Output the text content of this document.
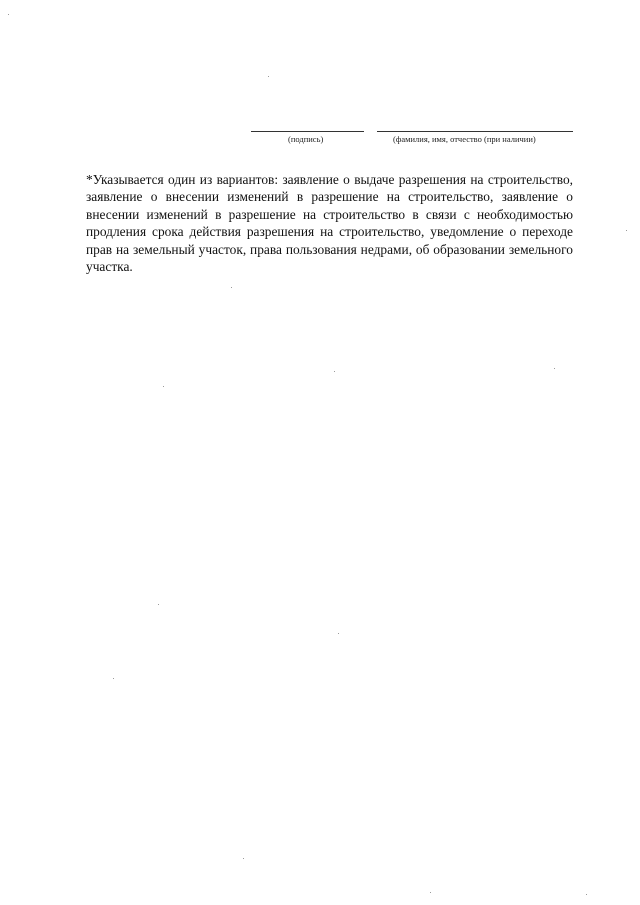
(подпись)	(фамилия, имя, отчество (при наличии)

*Указывается один из вариантов: заявление о выдаче разрешения на строительство, заявление о внесении изменений в разрешение на строительство, заявление о внесении изменений в разрешение на строительство в связи с необходимостью продления срока действия разрешения на строительство, уведомление о переходе прав на земельный участок, права пользования недрами, об образовании земельного участка.
